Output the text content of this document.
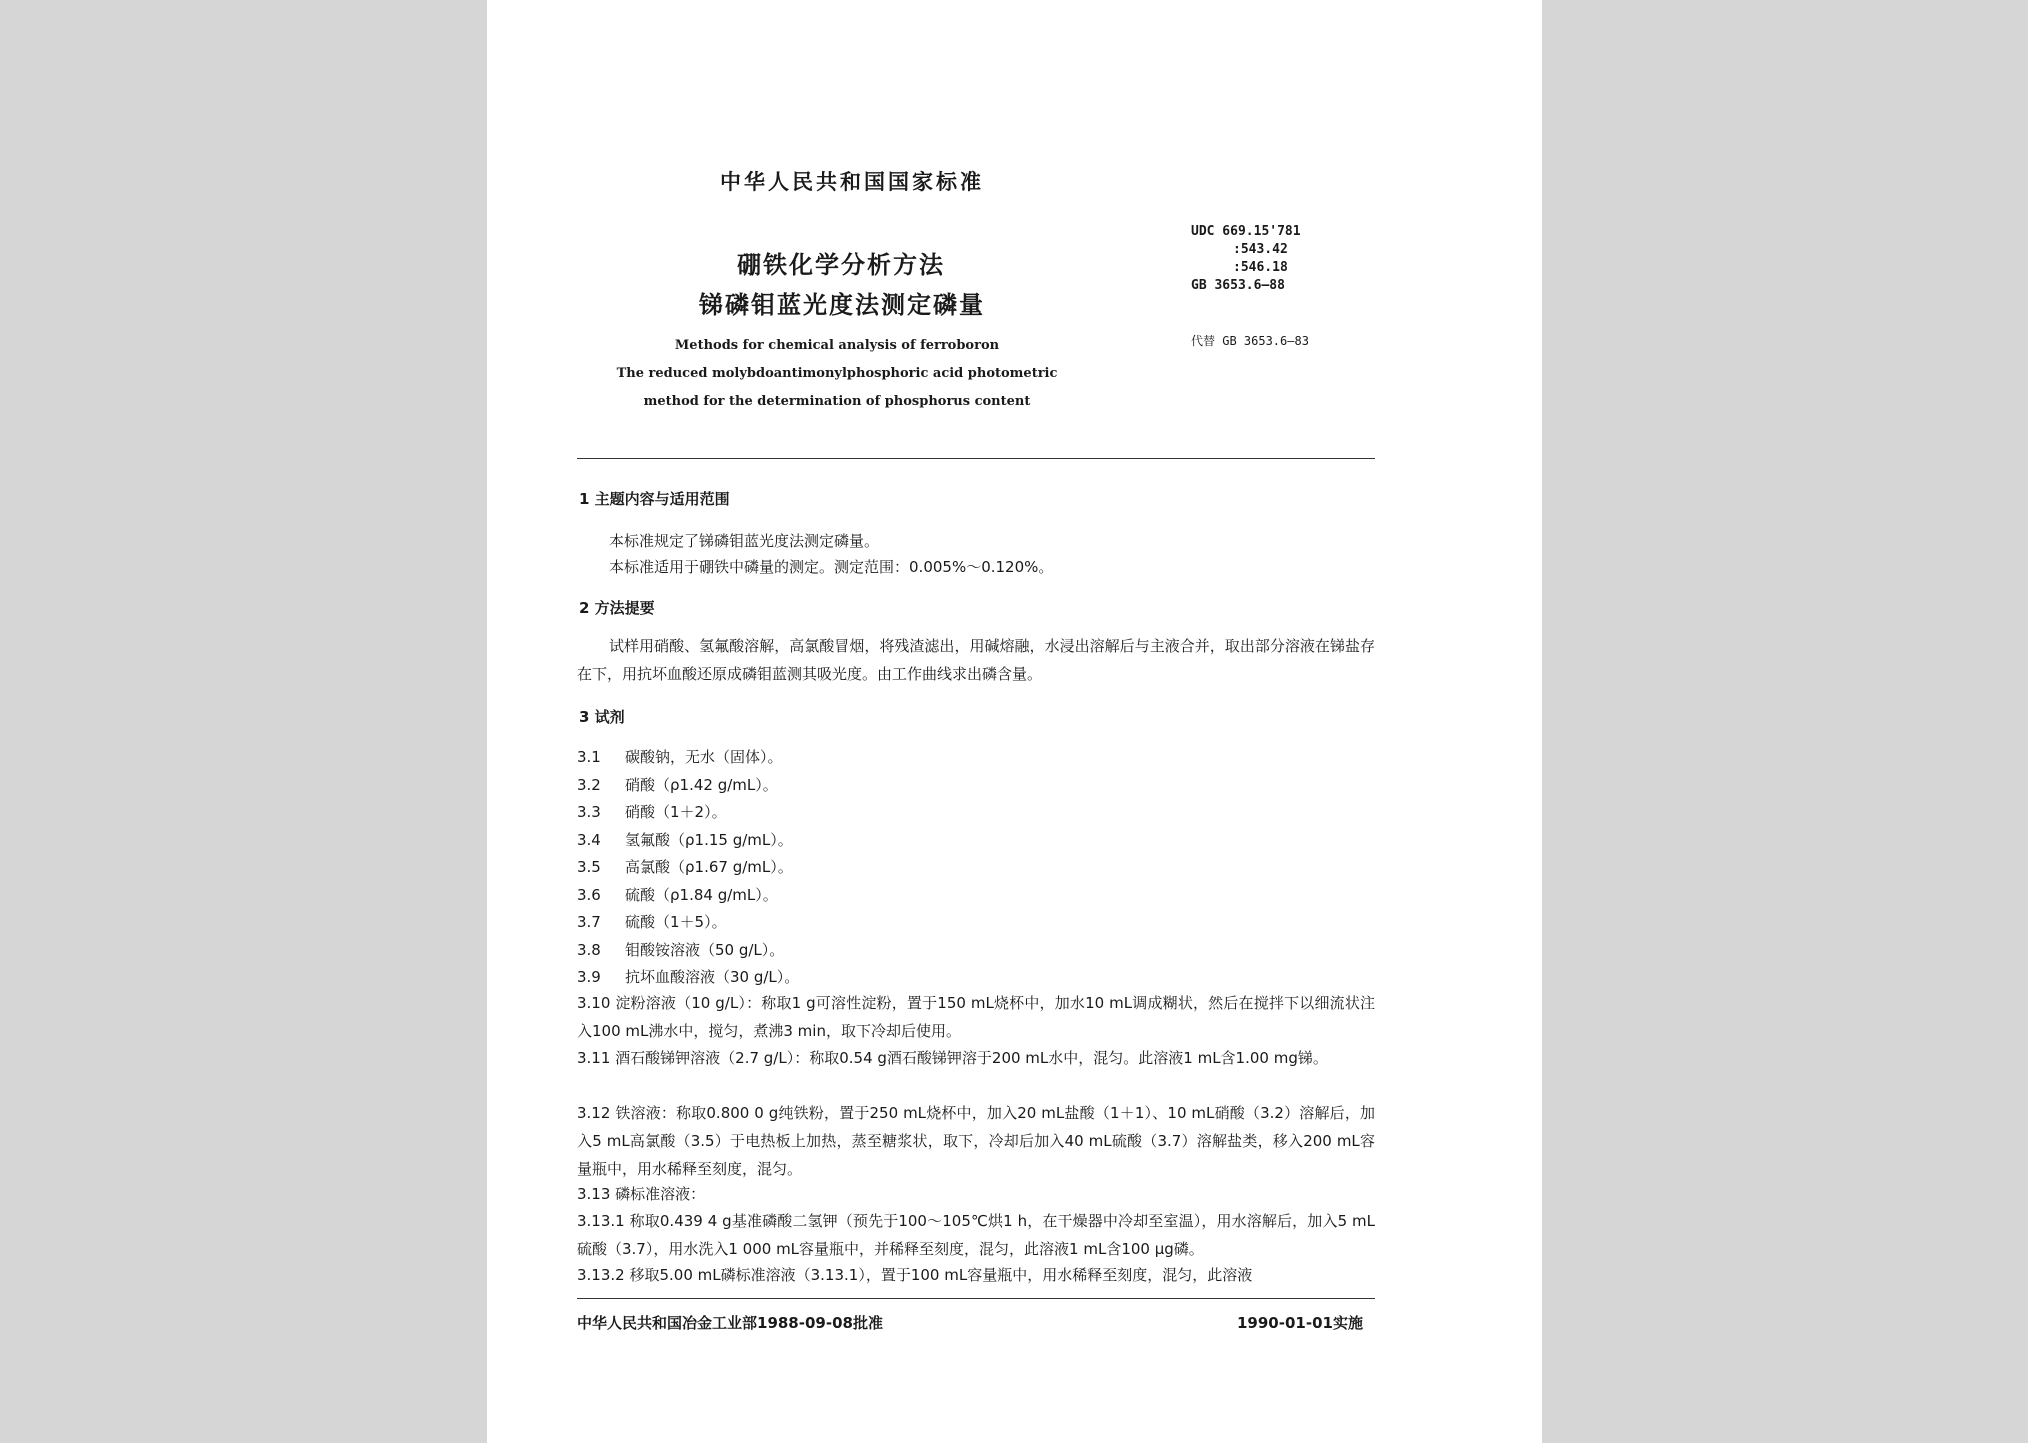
中华人民共和国国家标准
硼铁化学分析方法
锑磷钼蓝光度法测定磷量
Methods for chemical analysis of ferroboron
The reduced molybdoantimonylphosphoric acid photometric
method for the determination of phosphorus content
UDC 669.15'781
:543.42
:546.18
GB 3653.6—88
代替 GB 3653.6—83
1 主题内容与适用范围
本标准规定了锑磷钼蓝光度法测定磷量。
本标准适用于硼铁中磷量的测定。测定范围：0.005%～0.120%。
2 方法提要
试样用硝酸、氢氟酸溶解，高氯酸冒烟，将残渣滤出，用碱熔融，水浸出溶解后与主液合并，取出部分溶液在锑盐存在下，用抗坏血酸还原成磷钼蓝测其吸光度。由工作曲线求出磷含量。
3 试剂
3.1 碳酸钠，无水（固体）。
3.2 硝酸（ρ1.42 g/mL）。
3.3 硝酸（1＋2）。
3.4 氢氟酸（ρ1.15 g/mL）。
3.5 高氯酸（ρ1.67 g/mL）。
3.6 硫酸（ρ1.84 g/mL）。
3.7 硫酸（1＋5）。
3.8 钼酸铵溶液（50 g/L）。
3.9 抗坏血酸溶液（30 g/L）。
3.10 淀粉溶液（10 g/L）：称取1 g可溶性淀粉，置于150 mL烧杯中，加水10 mL调成糊状，然后在搅拌下以细流状注入100 mL沸水中，搅匀，煮沸3 min，取下冷却后使用。
3.11 酒石酸锑钾溶液（2.7 g/L）：称取0.54 g酒石酸锑钾溶于200 mL水中，混匀。此溶液1 mL含1.00 mg锑。
3.12 铁溶液：称取0.800 0 g纯铁粉，置于250 mL烧杯中，加入20 mL盐酸（1＋1）、10 mL硝酸（3.2）溶解后，加入5 mL高氯酸（3.5）于电热板上加热，蒸至糖浆状，取下，冷却后加入40 mL硫酸（3.7）溶解盐类，移入200 mL容量瓶中，用水稀释至刻度，混匀。
3.13 磷标准溶液：
3.13.1 称取0.439 4 g基准磷酸二氢钾（预先于100～105℃烘1 h，在干燥器中冷却至室温），用水溶解后，加入5 mL硫酸（3.7），用水洗入1 000 mL容量瓶中，并稀释至刻度，混匀，此溶液1 mL含100 μg磷。
3.13.2 移取5.00 mL磷标准溶液（3.13.1），置于100 mL容量瓶中，用水稀释至刻度，混匀，此溶液
中华人民共和国冶金工业部1988-09-08批准	1990-01-01实施
